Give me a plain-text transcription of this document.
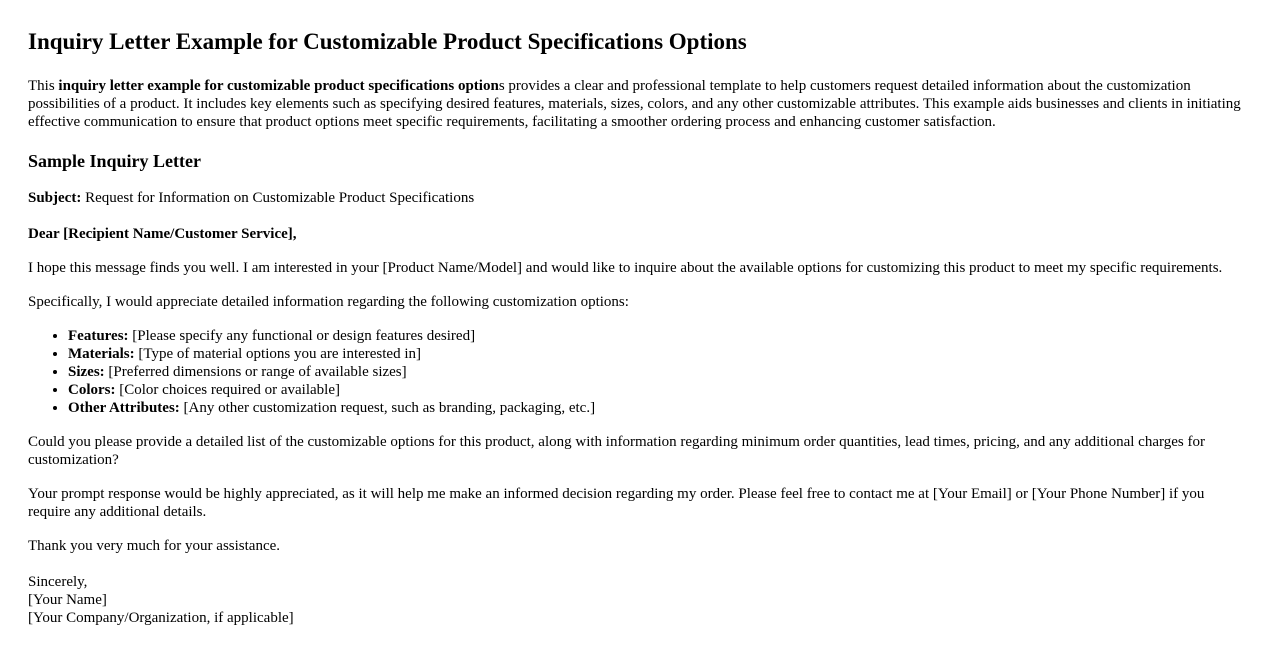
Inquiry Letter Example for Customizable Product Specifications Options

This inquiry letter example for customizable product specifications options provides a clear and professional template to help customers request detailed information about the customization possibilities of a product. It includes key elements such as specifying desired features, materials, sizes, colors, and any other customizable attributes. This example aids businesses and clients in initiating effective communication to ensure that product options meet specific requirements, facilitating a smoother ordering process and enhancing customer satisfaction.

Sample Inquiry Letter

Subject: Request for Information on Customizable Product Specifications

Dear [Recipient Name/Customer Service],

I hope this message finds you well. I am interested in your [Product Name/Model] and would like to inquire about the available options for customizing this product to meet my specific requirements.

Specifically, I would appreciate detailed information regarding the following customization options:

• Features: [Please specify any functional or design features desired]
• Materials: [Type of material options you are interested in]
• Sizes: [Preferred dimensions or range of available sizes]
• Colors: [Color choices required or available]
• Other Attributes: [Any other customization request, such as branding, packaging, etc.]

Could you please provide a detailed list of the customizable options for this product, along with information regarding minimum order quantities, lead times, pricing, and any additional charges for customization?

Your prompt response would be highly appreciated, as it will help me make an informed decision regarding my order. Please feel free to contact me at [Your Email] or [Your Phone Number] if you require any additional details.

Thank you very much for your assistance.

Sincerely,
[Your Name]
[Your Company/Organization, if applicable]
